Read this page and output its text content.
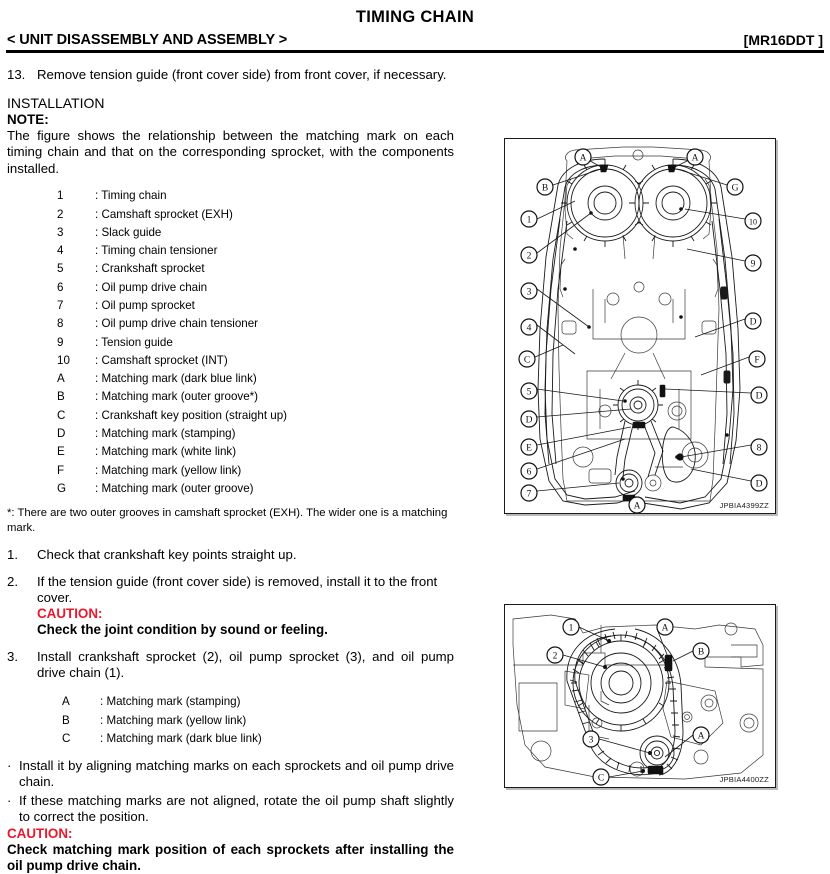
TIMING CHAIN
< UNIT DISASSEMBLY AND ASSEMBLY >	[MR16DDT ]
13. Remove tension guide (front cover side) from front cover, if necessary.
INSTALLATION
NOTE:
The figure shows the relationship between the matching mark on each timing chain and that on the corresponding sprocket, with the components installed.
1	: Timing chain
2	: Camshaft sprocket (EXH)
3	: Slack guide
4	: Timing chain tensioner
5	: Crankshaft sprocket
6	: Oil pump drive chain
7	: Oil pump sprocket
8	: Oil pump drive chain tensioner
9	: Tension guide
10	: Camshaft sprocket (INT)
A	: Matching mark (dark blue link)
B	: Matching mark (outer groove*)
C	: Crankshaft key position (straight up)
D	: Matching mark (stamping)
E	: Matching mark (white link)
F	: Matching mark (yellow link)
G	: Matching mark (outer groove)
*: There are two outer grooves in camshaft sprocket (EXH). The wider one is a matching mark.
1.	Check that crankshaft key points straight up.
2.	If the tension guide (front cover side) is removed, install it to the front cover.
CAUTION:
Check the joint condition by sound or feeling.
3.	Install crankshaft sprocket (2), oil pump sprocket (3), and oil pump drive chain (1).
A	: Matching mark (stamping)
B	: Matching mark (yellow link)
C	: Matching mark (dark blue link)
· Install it by aligning matching marks on each sprockets and oil pump drive chain.
· If these matching marks are not aligned, rotate the oil pump shaft slightly to correct the position.
CAUTION:
Check matching mark position of each sprockets after installing the oil pump drive chain.
A	A
B	G
1	10
2
9
3
D
4
C	F
5	D
D
E	8
6
D
7
A	JPBIA4399ZZ
1	A
2	B
3	A
C	JPBIA4400ZZ
